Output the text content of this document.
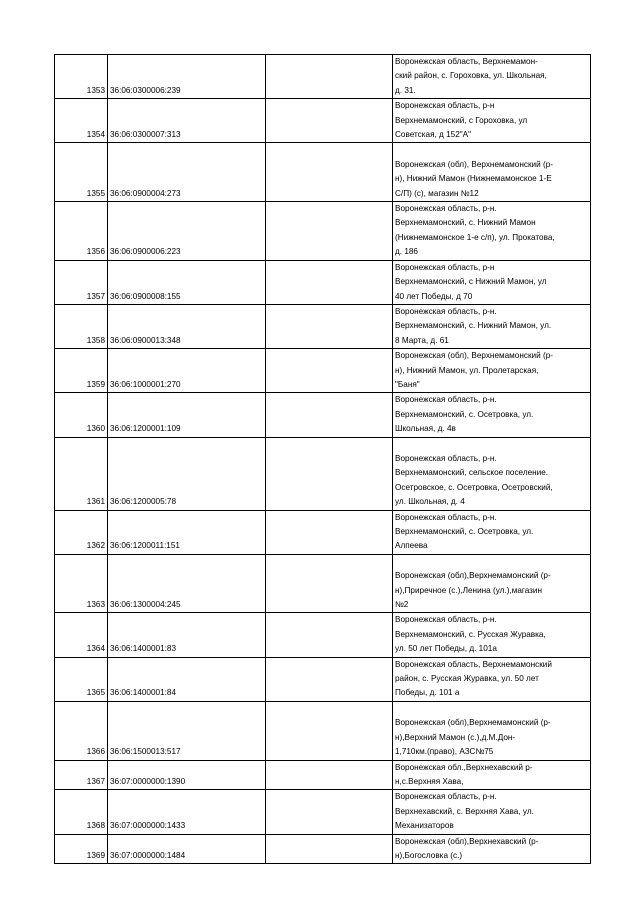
1353	36:06:0300006:239		Воронежская область, Верхнемамон-
ский район, с. Гороховка, ул. Школьная,
д. 31.

1354	36:06:0300007:313		Воронежская область, р-н
Верхнемамонский, с Гороховка, ул
Советская, д 152"А"

1355	36:06:0900004:273		Воронежская (обл), Верхнемамонский (р-
н), Нижний Мамон (Нижнемамонское 1-Е
С/П) (с), магазин №12

1356	36:06:0900006:223		Воронежская область, р-н.
Верхнемамонский, с. Нижний Мамон
(Нижнемамонское 1-е с/п), ул. Прокатова,
д. 186

1357	36:06:0900008:155		Воронежская область, р-н
Верхнемамонский, с Нижний Мамон, ул
40 лет Победы, д 70

1358	36:06:0900013:348		Воронежская область, р-н.
Верхнемамонский, с. Нижний Мамон, ул.
8 Марта, д. 61

1359	36:06:1000001:270		Воронежская (обл), Верхнемамонский (р-
н), Нижний Мамон, ул. Пролетарская,
"Баня"

1360	36:06:1200001:109		Воронежская область, р-н.
Верхнемамонский, с. Осетровка, ул.
Школьная, д. 4в

1361	36:06:1200005:78		Воронежская область, р-н.
Верхнемамонский, сельское поселение.
Осетровское, с. Осетровка, Осетровский,
ул. Школьная, д. 4

1362	36:06:1200011:151		Воронежская область, р-н.
Верхнемамонский, с. Осетровка, ул.
Алпеева

1363	36:06:1300004:245		Воронежская (обл),Верхнемамонский (р-
н),Приречное (с.),Ленина (ул.),магазин
№2

1364	36:06:1400001:83		Воронежская область, р-н.
Верхнемамонский, с. Русская Журавка,
ул. 50 лет Победы, д. 101а

1365	36:06:1400001:84		Воронежская область, Верхнемамонский
район, с. Русская Журавка, ул. 50 лет
Победы, д. 101 а

1366	36:06:1500013:517		Воронежская (обл),Верхнемамонский (р-
н),Верхний Мамон (с.),д.М.Дон-
1,710км.(право), АЗС№75

1367	36:07:0000000:1390		Воронежская обл.,Верхнехавский р-
н,с.Верхняя Хава,

1368	36:07:0000000:1433		Воронежская область, р-н.
Верхнехавский, с. Верхняя Хава, ул.
Механизаторов

1369	36:07:0000000:1484		Воронежская (обл),Верхнехавский (р-
н),Богословка (с.)
